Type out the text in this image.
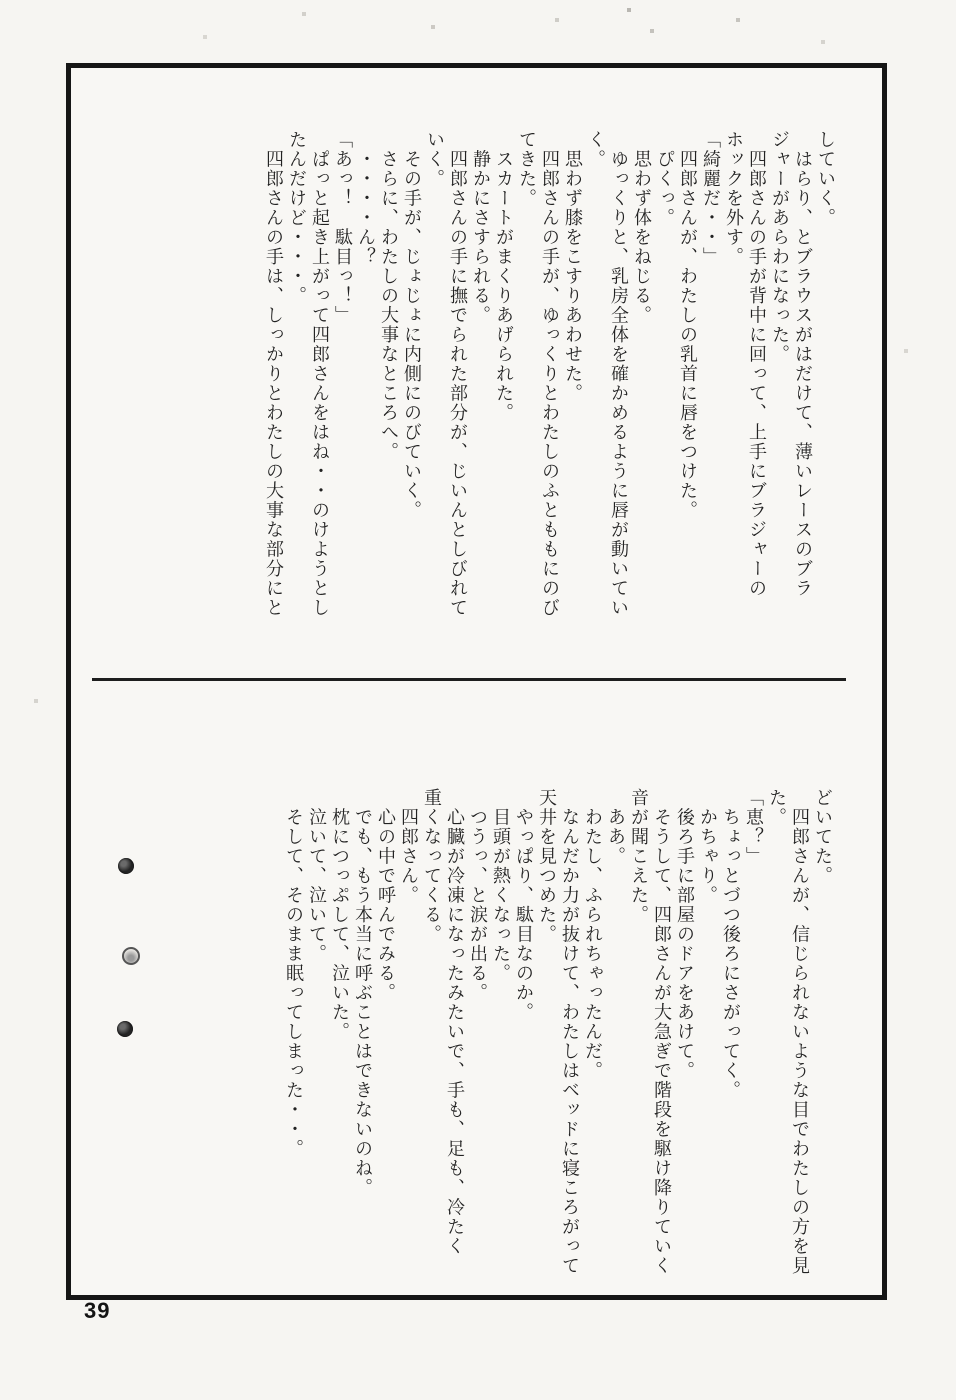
していく。

　はらり、とブラウスがはだけて、薄いレースのブラ

ジャーがあらわになった。

　四郎さんの手が背中に回って、上手にブラジャーの

ホックを外す。

「綺麗だ・・」

　四郎さんが、わたしの乳首に唇をつけた。

　ぴくっ。

　思わず体をねじる。

　ゆっくりと、乳房全体を確かめるように唇が動いてい

く。

　思わず膝をこすりあわせた。

　四郎さんの手が、ゆっくりとわたしのふとももにのび

てきた。

　スカートがまくりあげられた。

　静かにさすられる。

　四郎さんの手に撫でられた部分が、じいんとしびれて

いく。

　その手が、じょじょに内側にのびていく。

　さらに、わたしの大事なところへ。

　・・・・ん？

「あっ！　駄目っ！」

　ぱっと起き上がって四郎さんをはね・・のけようとし

たんだけど・・・。

　四郎さんの手は、しっかりとわたしの大事な部分にと

どいてた。

　四郎さんが、信じられないような目でわたしの方を見

た。

「恵？」

　ちょっとづつ後ろにさがってく。

　かちゃり。

　後ろ手に部屋のドアをあけて。

　そうして、四郎さんが大急ぎで階段を駆け降りていく

音が聞こえた。

　ああ。

　わたし、ふられちゃったんだ。

　なんだか力が抜けて、わたしはベッドに寝ころがって

天井を見つめた。

　やっぱり、駄目なのか。

　目頭が熱くなった。

　つうっ、と涙が出る。

　心臓が冷凍になったみたいで、手も、足も、冷たく

重くなってくる。

　四郎さん。

　心の中で呼んでみる。

　でも、もう本当に呼ぶことはできないのね。

　枕につっぷして、泣いた。

　泣いて、泣いて。

　そして、そのまま眠ってしまった・・。

39
